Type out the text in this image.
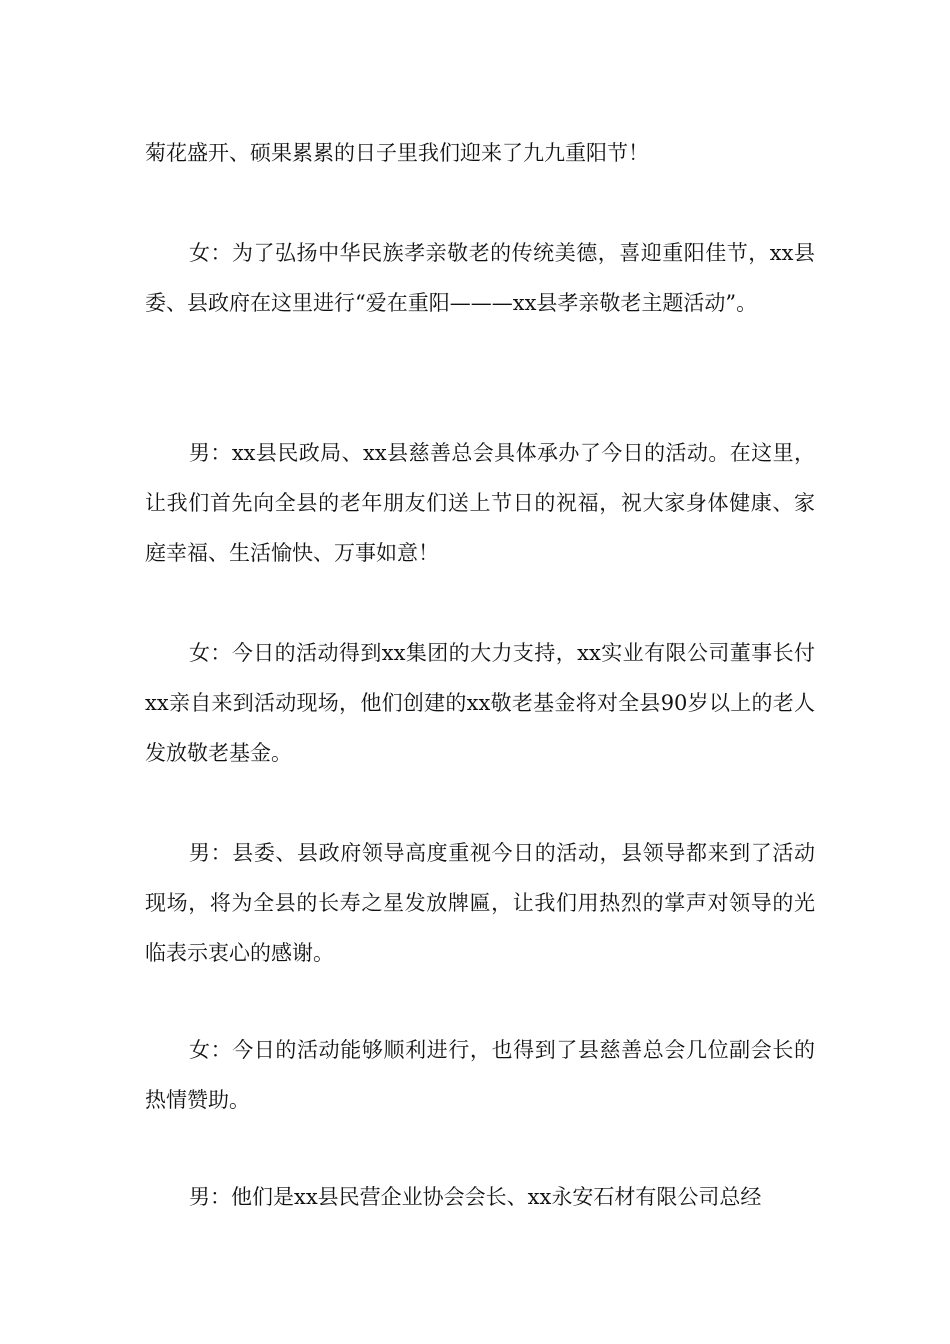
菊花盛开、硕果累累的日子里我们迎来了九九重阳节！

女：为了弘扬中华民族孝亲敬老的传统美德，喜迎重阳佳节，xx县委、县政府在这里进行“爱在重阳———xx县孝亲敬老主题活动”。

男：xx县民政局、xx县慈善总会具体承办了今日的活动。在这里，让我们首先向全县的老年朋友们送上节日的祝福，祝大家身体健康、家庭幸福、生活愉快、万事如意！

女：今日的活动得到xx集团的大力支持，xx实业有限公司董事长付xx亲自来到活动现场，他们创建的xx敬老基金将对全县90岁以上的老人发放敬老基金。

男：县委、县政府领导高度重视今日的活动，县领导都来到了活动现场，将为全县的长寿之星发放牌匾，让我们用热烈的掌声对领导的光临表示衷心的感谢。

女：今日的活动能够顺利进行，也得到了县慈善总会几位副会长的热情赞助。

男：他们是xx县民营企业协会会长、xx永安石材有限公司总经
